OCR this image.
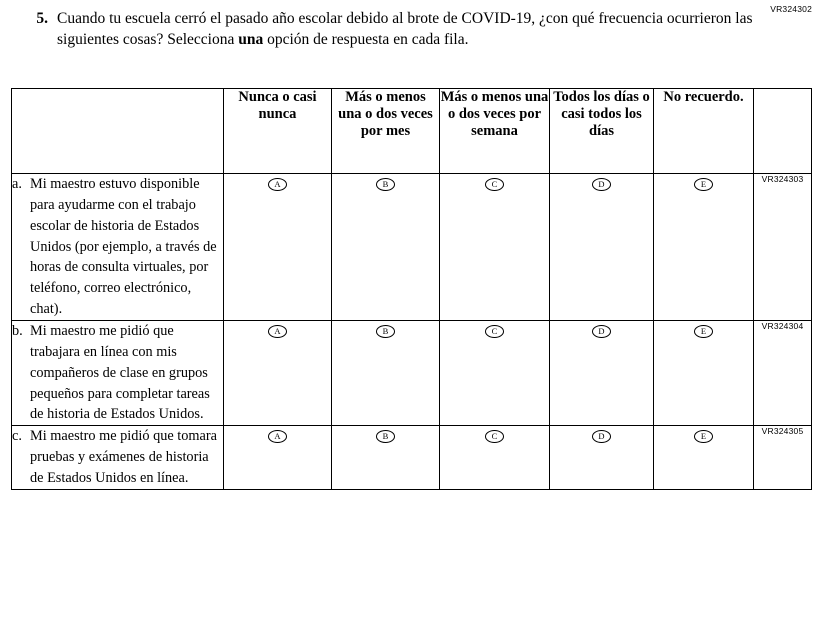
VR324302
5. Cuando tu escuela cerró el pasado año escolar debido al brote de COVID-19, ¿con qué frecuencia ocurrieron las siguientes cosas? Selecciona una opción de respuesta en cada fila.
	Nunca o casi nunca	Más o menos una o dos veces por mes	Más o menos una o dos veces por semana	Todos los días o casi todos los días	No recuerdo.	

a. Mi maestro estuvo disponible para ayudarme con el trabajo escolar de historia de Estados Unidos (por ejemplo, a través de horas de consulta virtuales, por teléfono, correo electrónico, chat).	A	B	C	D	E	VR324303

b. Mi maestro me pidió que trabajara en línea con mis compañeros de clase en grupos pequeños para completar tareas de historia de Estados Unidos.	A	B	C	D	E	VR324304

c. Mi maestro me pidió que tomara pruebas y exámenes de historia de Estados Unidos en línea.	A	B	C	D	E	VR324305
